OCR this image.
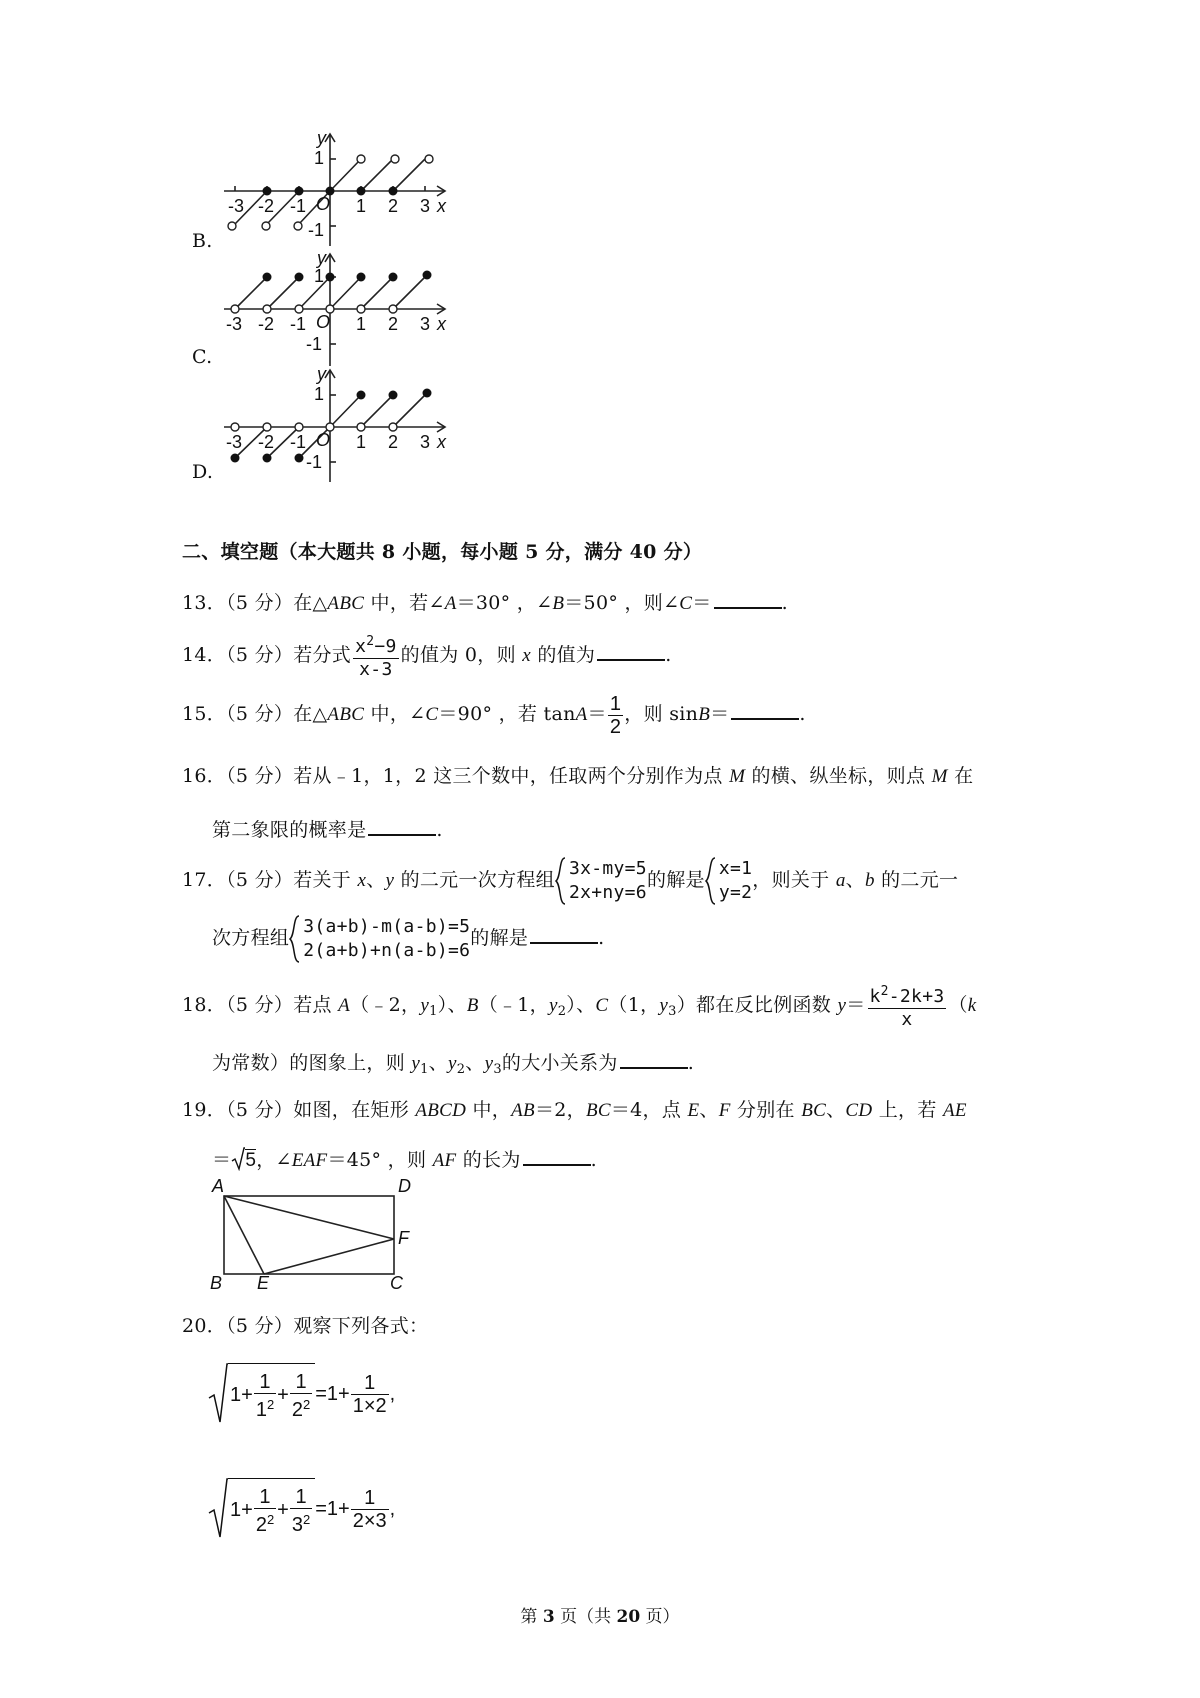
B.
-3 -2 -1	1 2 3
1
-1
O	x
y
C.
-3 -2 -1	1 2 3
1
-1
O	x
y
D.
-3 -2 -1	1 2 3
1
-1
O	x
y
二、填空题（本大题共 8 小题，每小题 5 分，满分 40 分）
13．（5 分）在△ABC 中，若∠A＝30° ，∠B＝50° ，则∠C＝	.
14．（5 分）若分式 $\frac{x^2-9}{x-3}$ 的值为 0，则 x 的值为	.
15．（5 分）在△ABC 中，∠C＝90° ，若 $\tan A= \frac{1}{2}$ ，则 sinB＝	.
16．（5 分）若从﹣1，1，2 这三个数中，任取两个分别作为点 M 的横、纵坐标，则点 M 在
第二象限的概率是	.
17．（5 分）若关于 x、y 的二元一次方程组
3x-my=5
2x+ny=6
的解是
x=1
y=2
，则关于 a、b 的二元一
次方程组
3(a+b)-m(a-b)=5
2(a+b)+n(a-b)=6
的解是	.
18．（5 分）若点 A（﹣2，$y_1$）、B（﹣1，$y_2$）、C（1，$y_3$）都在反比例函数 $y= \frac{k^2-2k+3}{x} (k$
为常数）的图象上，则 $y_1$、$y_2$、$y_3$的大小关系为	.
19．（5 分）如图，在矩形 ABCD 中，AB＝2，BC＝4，点 E、F 分别在 BC、CD 上，若 AE
＝ 5，∠EAF＝45° ，则 AF 的长为	.
A	D
B E	C
F
20．（5 分）观察下列各式：
$1+ \frac{1}{1^2} + \frac{1}{2^2} =1+ \frac{1}{1\times 2}$ ,
$1+ \frac{1}{2^2} + \frac{1}{3^2} =1+ \frac{1}{2\times 3}$ ,
第 3 页（共 20 页）
